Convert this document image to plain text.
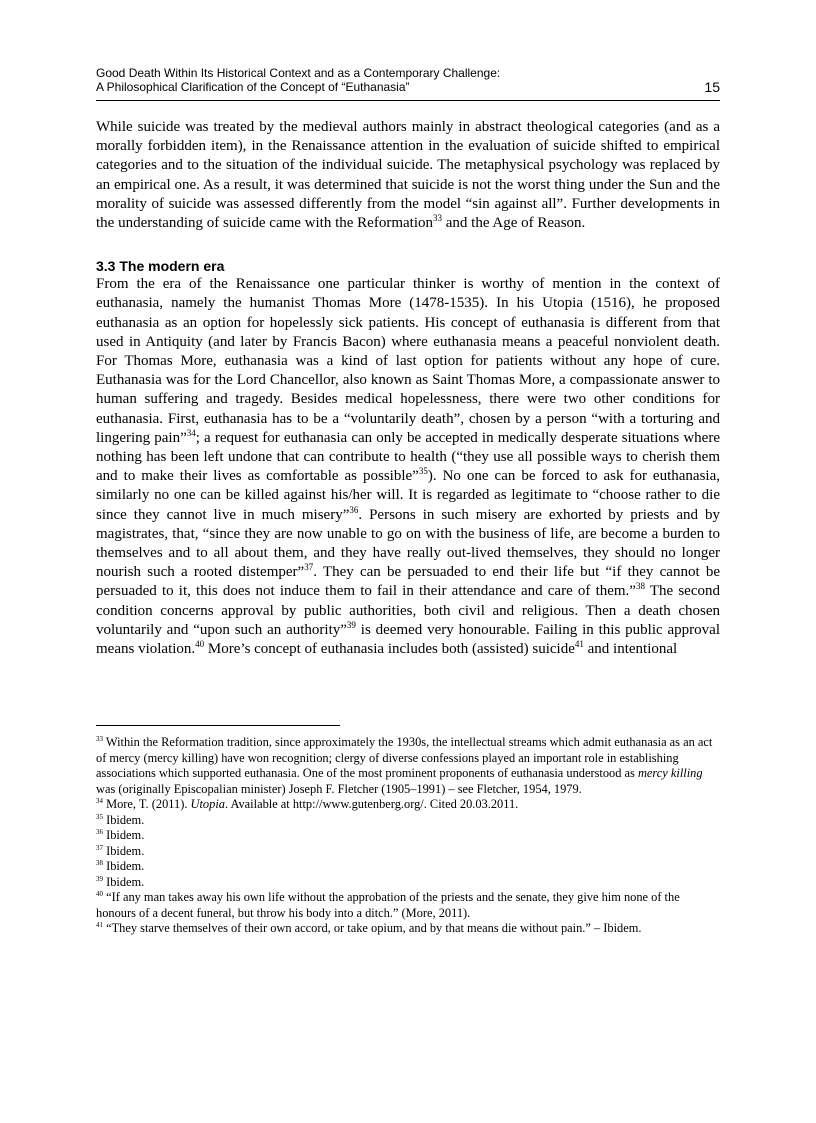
Good Death Within Its Historical Context and as a Contemporary Challenge:
A Philosophical Clarification of the Concept of “Euthanasia”	15

While suicide was treated by the medieval authors mainly in abstract theological categories (and as a morally forbidden item), in the Renaissance attention in the evaluation of suicide shifted to empirical categories and to the situation of the individual suicide. The metaphysical psychology was replaced by an empirical one. As a result, it was determined that suicide is not the worst thing under the Sun and the morality of suicide was assessed differently from the model “sin against all”. Further developments in the understanding of suicide came with the Reformation$^{33}$ and the Age of Reason.

3.3 The modern era

From the era of the Renaissance one particular thinker is worthy of mention in the context of euthanasia, namely the humanist Thomas More (1478-1535). In his Utopia (1516), he proposed euthanasia as an option for hopelessly sick patients. His concept of euthanasia is different from that used in Antiquity (and later by Francis Bacon) where euthanasia means a peaceful nonviolent death. For Thomas More, euthanasia was a kind of last option for patients without any hope of cure. Euthanasia was for the Lord Chancellor, also known as Saint Thomas More, a compassionate answer to human suffering and tragedy. Besides medical hopelessness, there were two other conditions for euthanasia. First, euthanasia has to be a “voluntarily death”, chosen by a person “with a torturing and lingering pain”$^{34}$; a request for euthanasia can only be accepted in medically desperate situations where nothing has been left undone that can contribute to health (“they use all possible ways to cherish them and to make their lives as comfortable as possible”$^{35}$). No one can be forced to ask for euthanasia, similarly no one can be killed against his/her will. It is regarded as legitimate to “choose rather to die since they cannot live in much misery”$^{36}$. Persons in such misery are exhorted by priests and by magistrates, that, “since they are now unable to go on with the business of life, are become a burden to themselves and to all about them, and they have really out-lived themselves, they should no longer nourish such a rooted distemper”$^{37}$. They can be persuaded to end their life but “if they cannot be persuaded to it, this does not induce them to fail in their attendance and care of them.”$^{38}$ The second condition concerns approval by public authorities, both civil and religious. Then a death chosen voluntarily and “upon such an authority”$^{39}$ is deemed very honourable. Failing in this public approval means violation.$^{40}$ More’s concept of euthanasia includes both (assisted) suicide$^{41}$ and intentional

$^{33}$ Within the Reformation tradition, since approximately the 1930s, the intellectual streams which admit euthanasia as an act of mercy (mercy killing) have won recognition; clergy of diverse confessions played an important role in establishing associations which supported euthanasia. One of the most prominent proponents of euthanasia understood as mercy killing was (originally Episcopalian minister) Joseph F. Fletcher (1905–1991) – see Fletcher, 1954, 1979.

$^{34}$ More, T. (2011). Utopia. Available at http://www.gutenberg.org/. Cited 20.03.2011.

$^{35}$ Ibidem.

$^{36}$ Ibidem.

$^{37}$ Ibidem.

$^{38}$ Ibidem.

$^{39}$ Ibidem.

$^{40}$ “If any man takes away his own life without the approbation of the priests and the senate, they give him none of the honours of a decent funeral, but throw his body into a ditch.” (More, 2011).

$^{41}$ “They starve themselves of their own accord, or take opium, and by that means die without pain.” – Ibidem.
